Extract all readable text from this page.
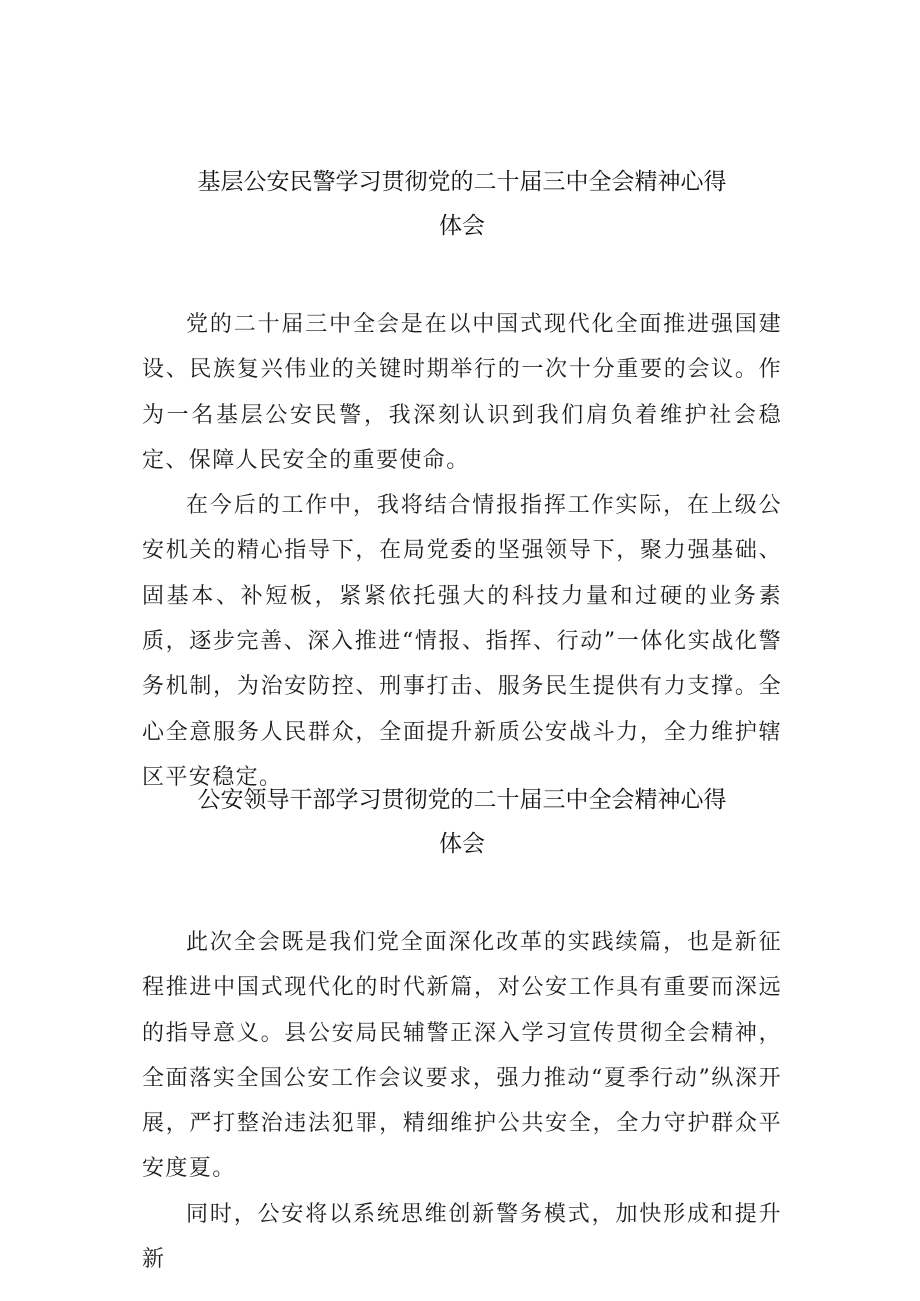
基层公安民警学习贯彻党的二十届三中全会精神心得
体会

党的二十届三中全会是在以中国式现代化全面推进强国建设、民族复兴伟业的关键时期举行的一次十分重要的会议。作为一名基层公安民警，我深刻认识到我们肩负着维护社会稳定、保障人民安全的重要使命。

在今后的工作中，我将结合情报指挥工作实际，在上级公安机关的精心指导下，在局党委的坚强领导下，聚力强基础、固基本、补短板，紧紧依托强大的科技力量和过硬的业务素质，逐步完善、深入推进“情报、指挥、行动”一体化实战化警务机制，为治安防控、刑事打击、服务民生提供有力支撑。全心全意服务人民群众，全面提升新质公安战斗力，全力维护辖区平安稳定。

公安领导干部学习贯彻党的二十届三中全会精神心得
体会

此次全会既是我们党全面深化改革的实践续篇，也是新征程推进中国式现代化的时代新篇，对公安工作具有重要而深远的指导意义。县公安局民辅警正深入学习宣传贯彻全会精神，全面落实全国公安工作会议要求，强力推动“夏季行动”纵深开展，严打整治违法犯罪，精细维护公共安全，全力守护群众平安度夏。

同时，公安将以系统思维创新警务模式，加快形成和提升新
